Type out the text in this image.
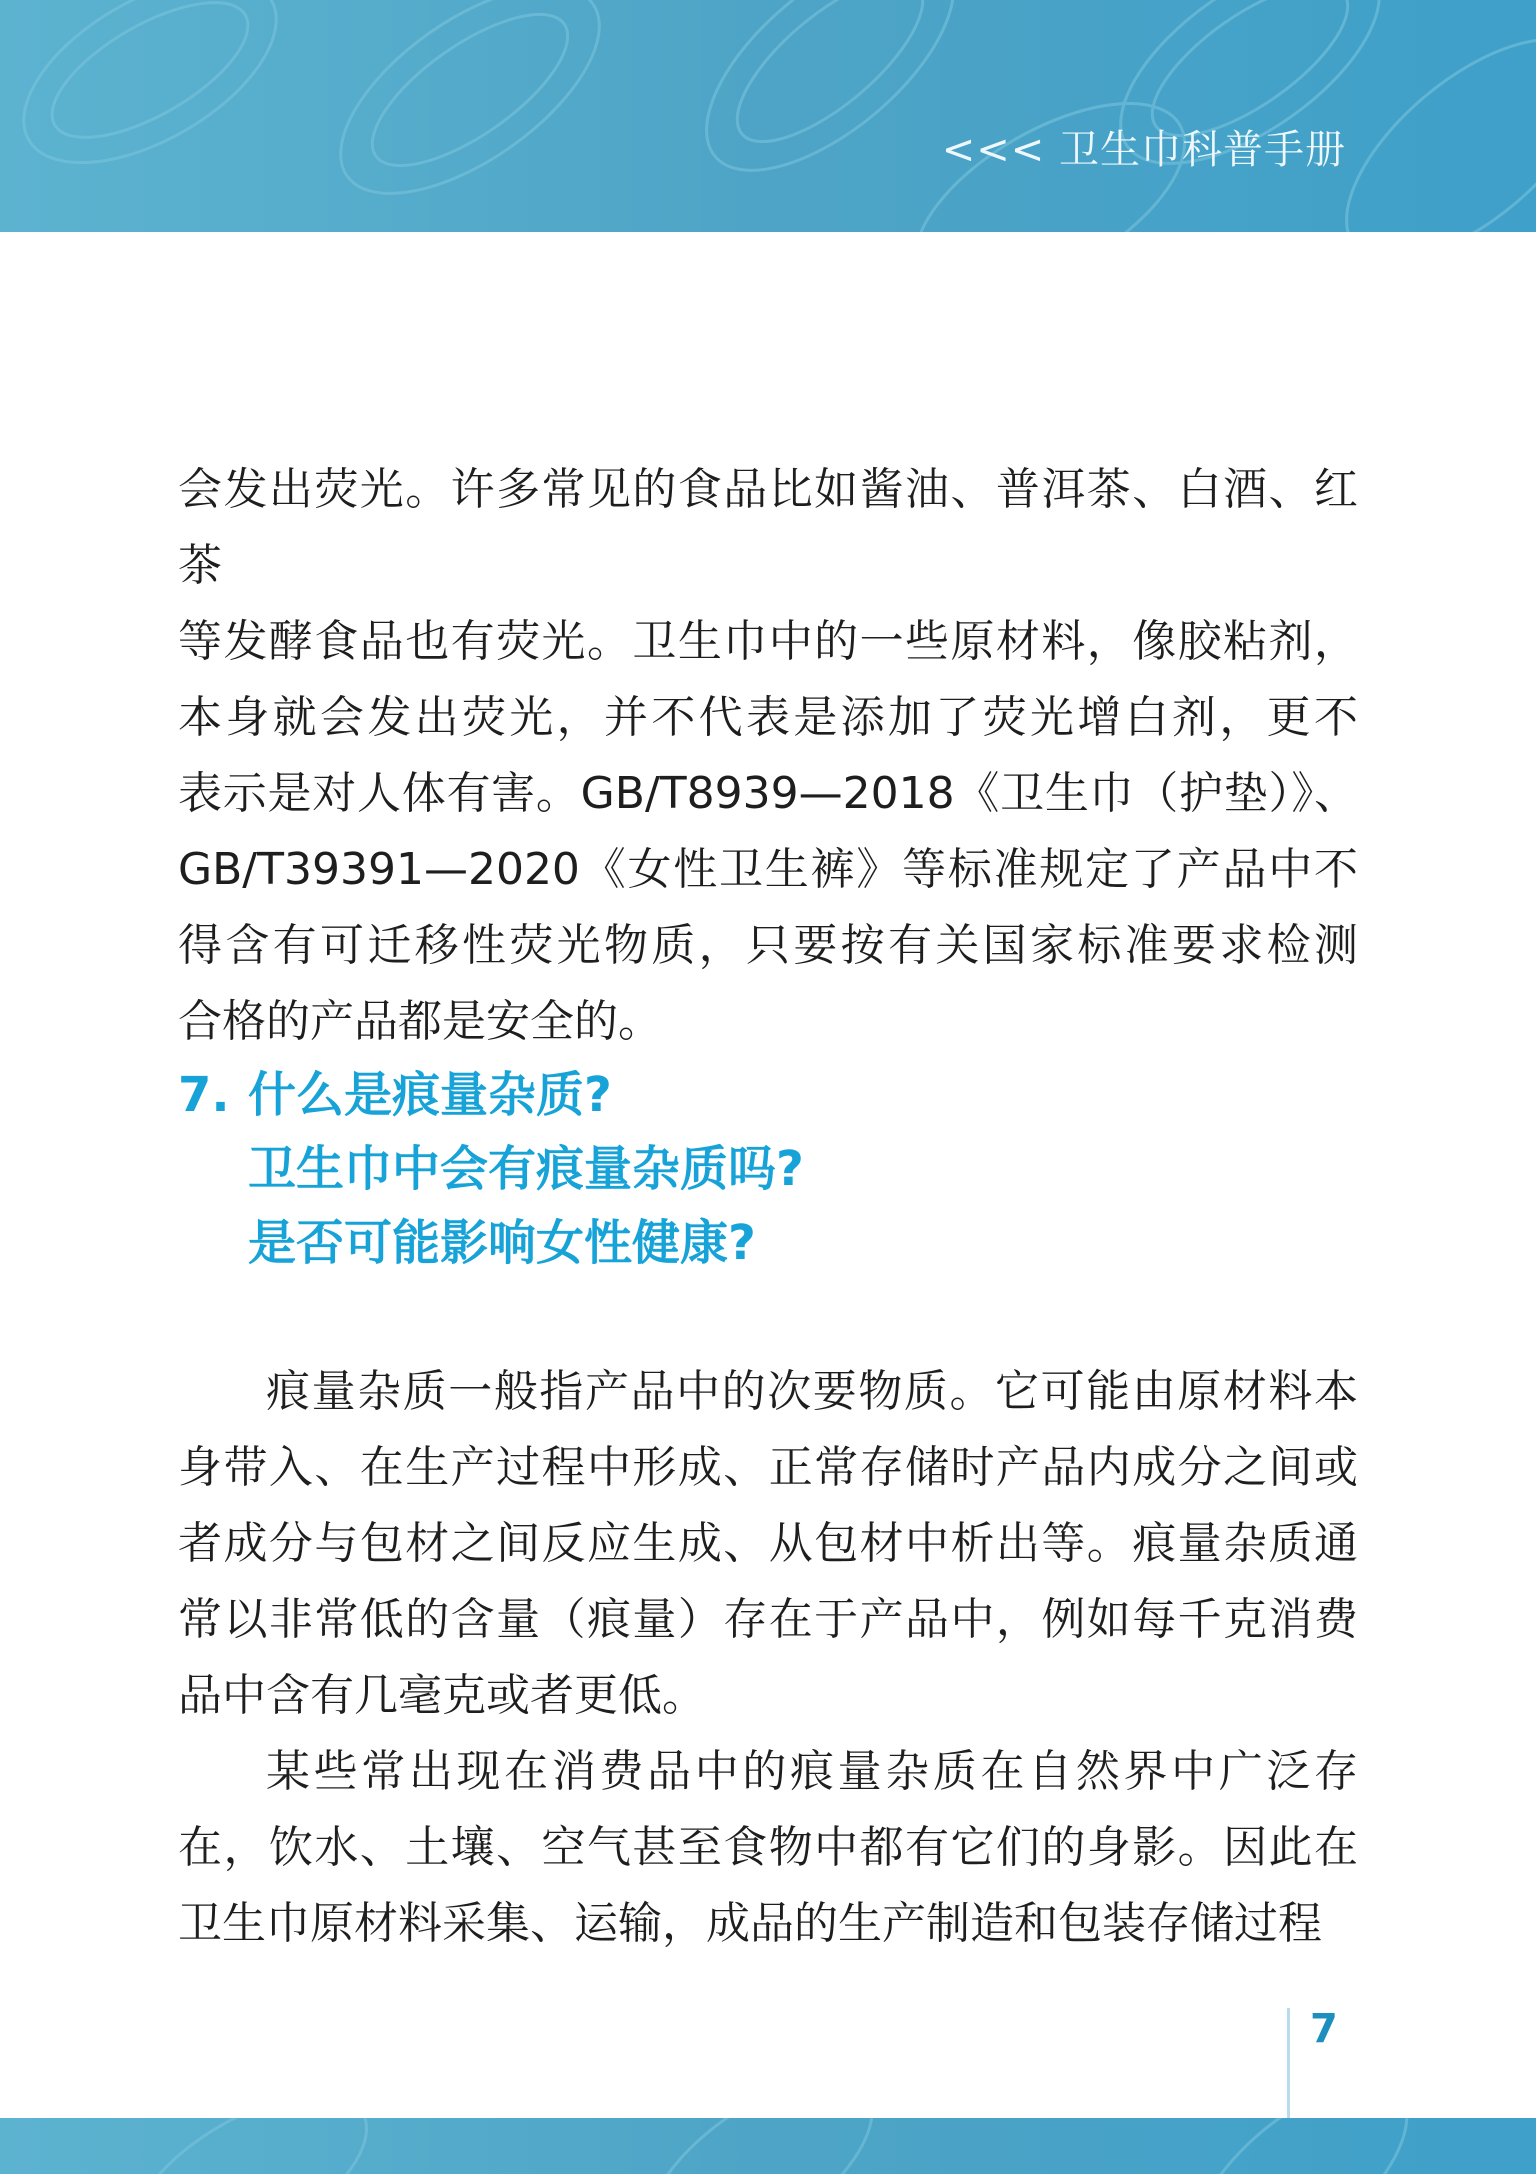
<<< 卫生巾科普手册

会发出荧光。许多常见的食品比如酱油、普洱茶、白酒、红茶

等发酵食品也有荧光。卫生巾中的一些原材料，像胶粘剂，

本身就会发出荧光，并不代表是添加了荧光增白剂，更不

表示是对人体有害。GB/T8939—2018《卫生巾（护垫）》、

GB/T39391—2020《女性卫生裤》等标准规定了产品中不

得含有可迁移性荧光物质，只要按有关国家标准要求检测

合格的产品都是安全的。

7. 什么是痕量杂质?
卫生巾中会有痕量杂质吗?
是否可能影响女性健康?

痕量杂质一般指产品中的次要物质。它可能由原材料本身带入、在生产过程中形成、正常存储时产品内成分之间或者成分与包材之间反应生成、从包材中析出等。痕量杂质通常以非常低的含量（痕量）存在于产品中，例如每千克消费品中含有几毫克或者更低。

某些常出现在消费品中的痕量杂质在自然界中广泛存在，饮水、土壤、空气甚至食物中都有它们的身影。因此在卫生巾原材料采集、运输，成品的生产制造和包装存储过程

7
